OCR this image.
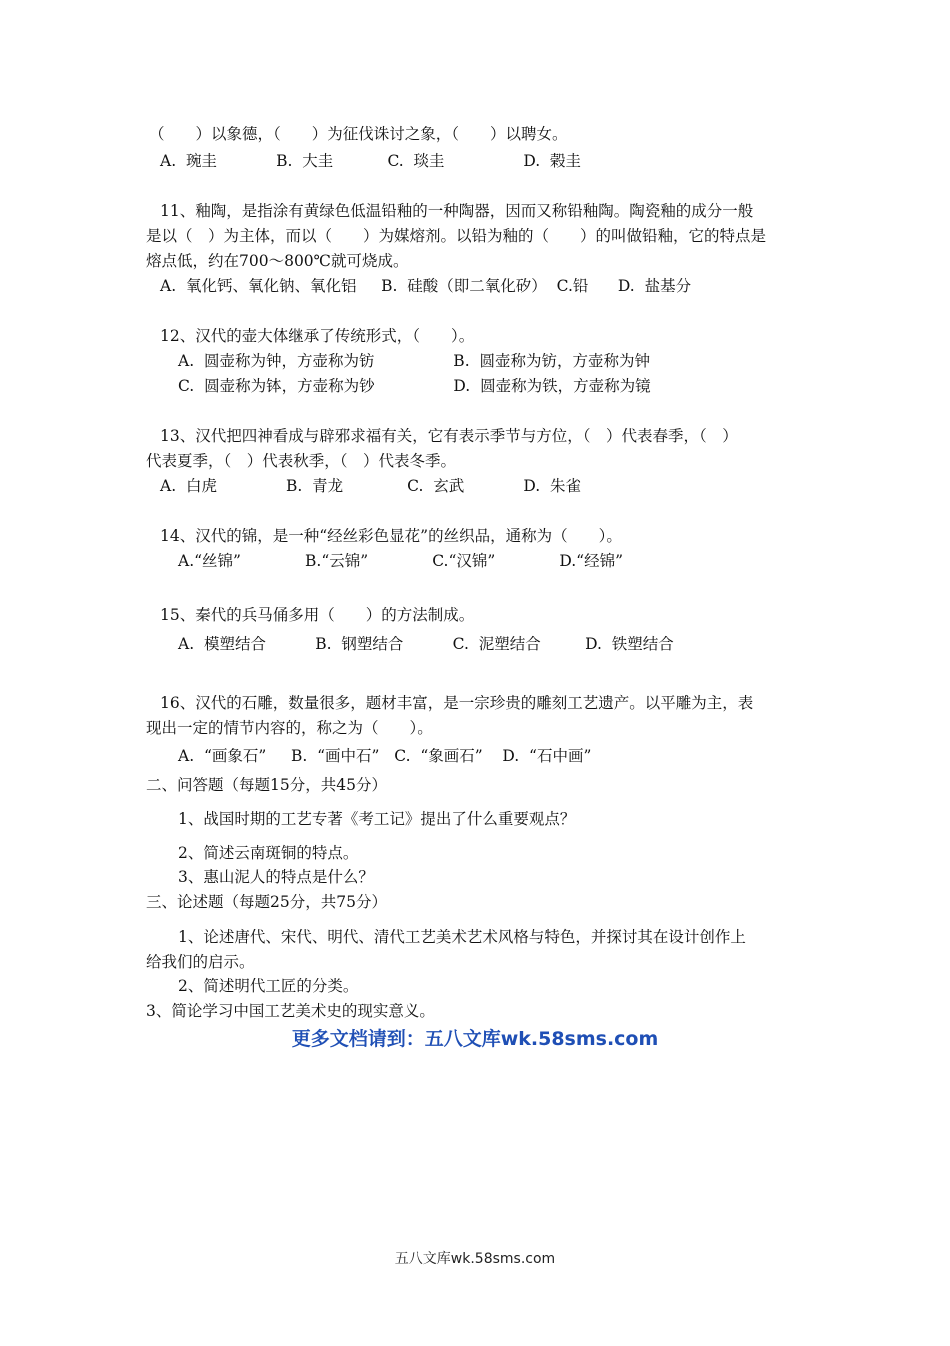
（　　）以象德，（　　）为征伐诛讨之象，（　　）以聘女。
A.  琬圭            B.  大圭           C.  琰圭                D.  榖圭
11、釉陶，是指涂有黄绿色低温铅釉的一种陶器，因而又称铅釉陶。陶瓷釉的成分一般
是以（　）为主体，而以（　　）为媒熔剂。以铅为釉的（　　）的叫做铅釉，它的特点是
熔点低，约在700～800℃就可烧成。
A.  氧化钙、氧化钠、氧化铝     B.  硅酸（即二氧化矽）  C.铅      D.  盐基分
12、汉代的壶大体继承了传统形式，（　　）。
A.  圆壶称为钟，方壶称为钫                B.  圆壶称为钫，方壶称为钟
C.  圆壶称为钵，方壶称为钞                D.  圆壶称为铁，方壶称为镜
13、汉代把四神看成与辟邪求福有关，它有表示季节与方位，（　）代表春季，（　）
代表夏季，（　）代表秋季，（　）代表冬季。
A.  白虎              B.  青龙             C.  玄武            D.  朱雀
14、汉代的锦，是一种“经丝彩色显花”的丝织品，通称为（　　）。
A.“丝锦”             B.“云锦”             C.“汉锦”             D.“经锦”
15、秦代的兵马俑多用（　　）的方法制成。
A.  模塑结合          B.  钢塑结合          C.  泥塑结合         D.  铁塑结合
16、汉代的石雕，数量很多，题材丰富，是一宗珍贵的雕刻工艺遗产。以平雕为主，表
现出一定的情节内容的，称之为（　　）。
A.  “画象石”     B.  “画中石”   C.  “象画石”    D.  “石中画”
二、问答题（每题15分，共45分）
1、战国时期的工艺专著《考工记》提出了什么重要观点？
2、简述云南斑铜的特点。
3、惠山泥人的特点是什么？
三、论述题（每题25分，共75分）
1、论述唐代、宋代、明代、清代工艺美术艺术风格与特色，并探讨其在设计创作上
给我们的启示。
2、简述明代工匠的分类。
3、简论学习中国工艺美术史的现实意义。
更多文档请到：五八文库wk.58sms.com
五八文库wk.58sms.com
